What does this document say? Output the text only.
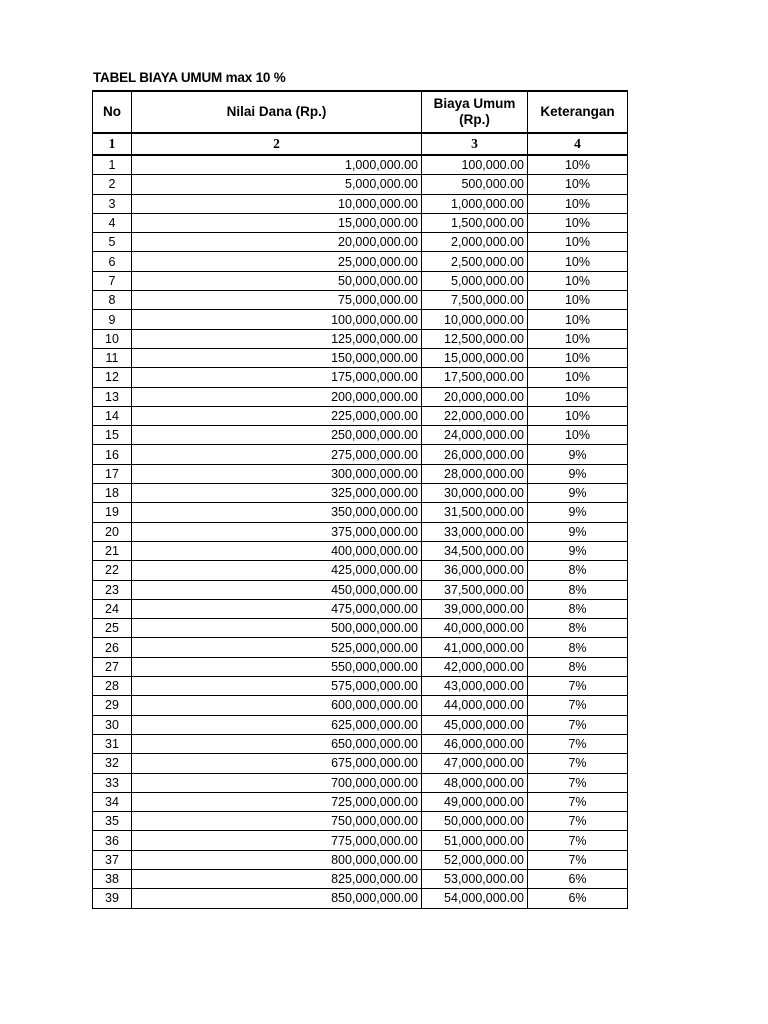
TABEL BIAYA UMUM max 10 %
No	Nilai Dana (Rp.)	Biaya Umum
(Rp.)	Keterangan
1	2	3	4
1	1,000,000.00	100,000.00	10%
2	5,000,000.00	500,000.00	10%
3	10,000,000.00	1,000,000.00	10%
4	15,000,000.00	1,500,000.00	10%
5	20,000,000.00	2,000,000.00	10%
6	25,000,000.00	2,500,000.00	10%
7	50,000,000.00	5,000,000.00	10%
8	75,000,000.00	7,500,000.00	10%
9	100,000,000.00	10,000,000.00	10%
10	125,000,000.00	12,500,000.00	10%
11	150,000,000.00	15,000,000.00	10%
12	175,000,000.00	17,500,000.00	10%
13	200,000,000.00	20,000,000.00	10%
14	225,000,000.00	22,000,000.00	10%
15	250,000,000.00	24,000,000.00	10%
16	275,000,000.00	26,000,000.00	9%
17	300,000,000.00	28,000,000.00	9%
18	325,000,000.00	30,000,000.00	9%
19	350,000,000.00	31,500,000.00	9%
20	375,000,000.00	33,000,000.00	9%
21	400,000,000.00	34,500,000.00	9%
22	425,000,000.00	36,000,000.00	8%
23	450,000,000.00	37,500,000.00	8%
24	475,000,000.00	39,000,000.00	8%
25	500,000,000.00	40,000,000.00	8%
26	525,000,000.00	41,000,000.00	8%
27	550,000,000.00	42,000,000.00	8%
28	575,000,000.00	43,000,000.00	7%
29	600,000,000.00	44,000,000.00	7%
30	625,000,000.00	45,000,000.00	7%
31	650,000,000.00	46,000,000.00	7%
32	675,000,000.00	47,000,000.00	7%
33	700,000,000.00	48,000,000.00	7%
34	725,000,000.00	49,000,000.00	7%
35	750,000,000.00	50,000,000.00	7%
36	775,000,000.00	51,000,000.00	7%
37	800,000,000.00	52,000,000.00	7%
38	825,000,000.00	53,000,000.00	6%
39	850,000,000.00	54,000,000.00	6%
